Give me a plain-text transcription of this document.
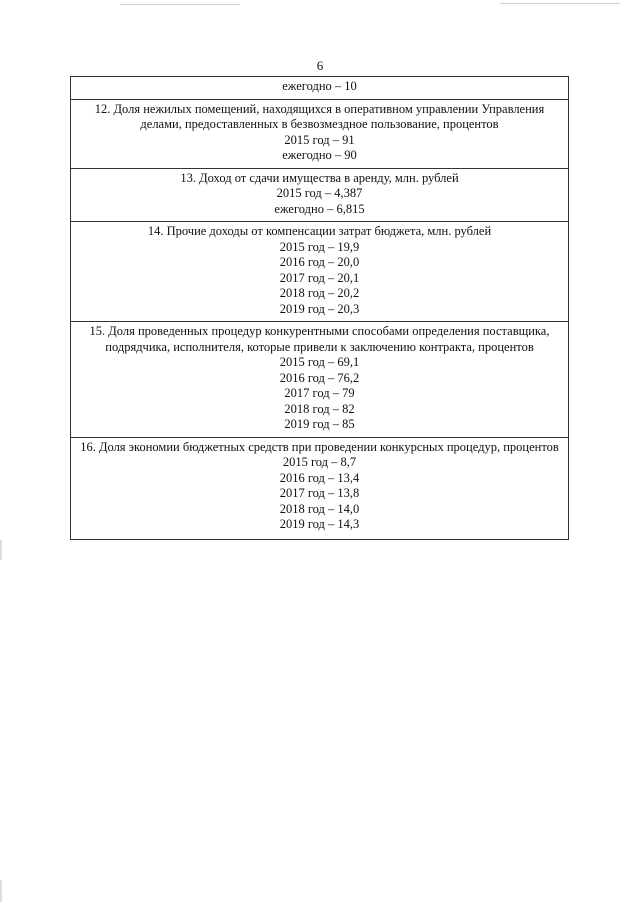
6
ежегодно – 10
12. Доля нежилых помещений, находящихся в оперативном управлении Управления
делами, предоставленных в безвозмездное пользование, процентов
2015 год – 91
ежегодно – 90
13. Доход от сдачи имущества в аренду, млн. рублей
2015 год – 4,387
ежегодно – 6,815
14. Прочие доходы от компенсации затрат бюджета, млн. рублей
2015 год – 19,9
2016 год – 20,0
2017 год – 20,1
2018 год – 20,2
2019 год – 20,3
15. Доля проведенных процедур конкурентными способами определения поставщика,
подрядчика, исполнителя, которые привели к заключению контракта, процентов
2015 год – 69,1
2016 год – 76,2
2017 год – 79
2018 год – 82
2019 год – 85
16. Доля экономии бюджетных средств при проведении конкурсных процедур, процентов
2015 год – 8,7
2016 год – 13,4
2017 год – 13,8
2018 год – 14,0
2019 год – 14,3
